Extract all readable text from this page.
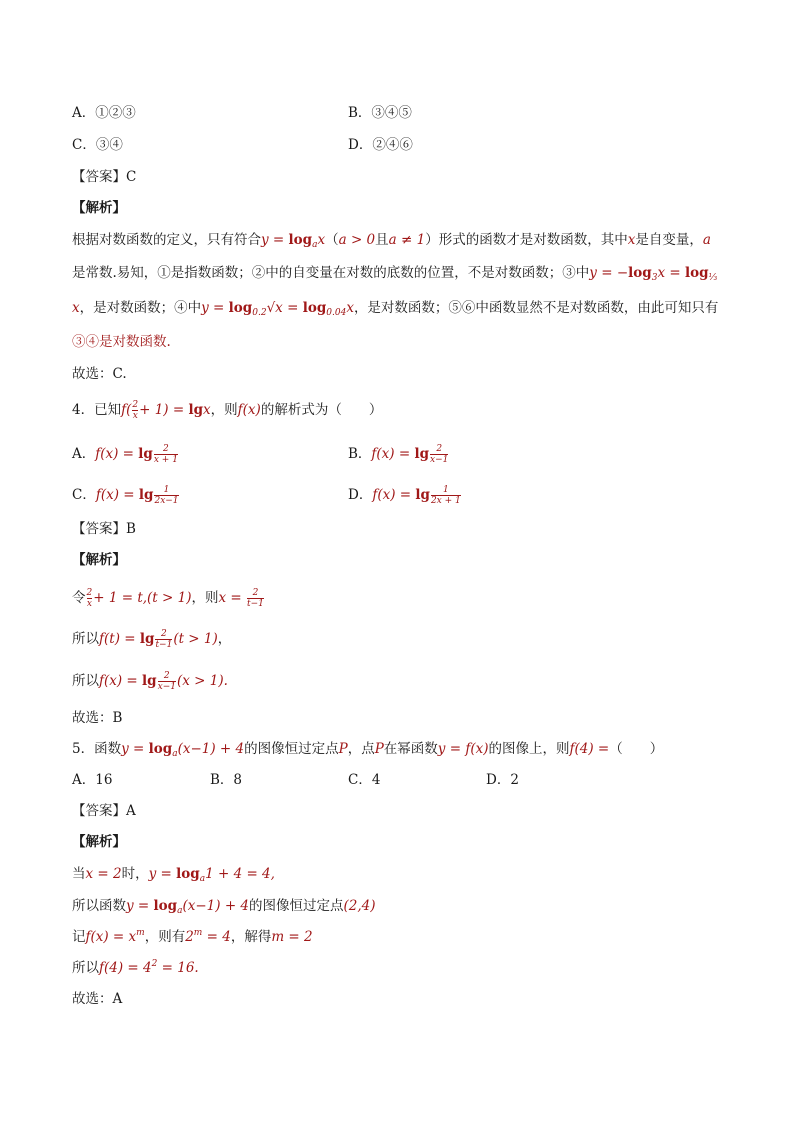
A．①②③	B．③④⑤
C．③④	D．②④⑥
【答案】C
【解析】
根据对数函数的定义，只有符合$y = \log_ax(a > 0$且a ≠ 1）形式的函数才是对数函数，其中x是自变量，a
是常数.易知，①是指数函数；②中的自变量在对数的底数的位置，不是对数函数；③中$y = -\log_3x = \log_{\frac{1}{3}}$
x，是对数函数；④中$y = \log_{0.2}√x = \log_{0.04}x$，是对数函数；⑤⑥中函数显然不是对数函数，由此可知只有
③④是对数函数.
故选：C.
4．已知$f( \frac{2}{x} + 1) = \lg x$，则f(x)的解析式为（　　）
A．$f(x) = \lg \frac{2}{x + 1}$	B．$f(x) = \lg \frac{2}{x-1}$
C．$f(x) = \lg \frac{1}{2x-1}$	D．$f(x) = \lg \frac{1}{2x + 1}$
【答案】B
【解析】
令 $\frac{2}{x} + 1 = t,(t > 1)$，则$x = \frac{2}{t-1}$
所以$f(t) = \lg \frac{2}{t-1} (t > 1)$，
所以$f(x) = \lg \frac{2}{x-1} (x > 1)$.
故选：B
5．函数$y = \log_a(x-1) + 4$的图像恒过定点P，点P在幂函数y = f(x)的图像上，则f(4) =（　　）
A．16	B．8	C．4	D．2
【答案】A
【解析】
当x = 2时，$y = \log_a1 + 4 = 4$,
所以函数$y = \log_a(x-1) + 4$的图像恒过定点(2,4)
记$f(x) = x^m$，则有$2^m = 4$，解得m = 2
所以$f(4) = 4^2 = 16$.
故选：A
